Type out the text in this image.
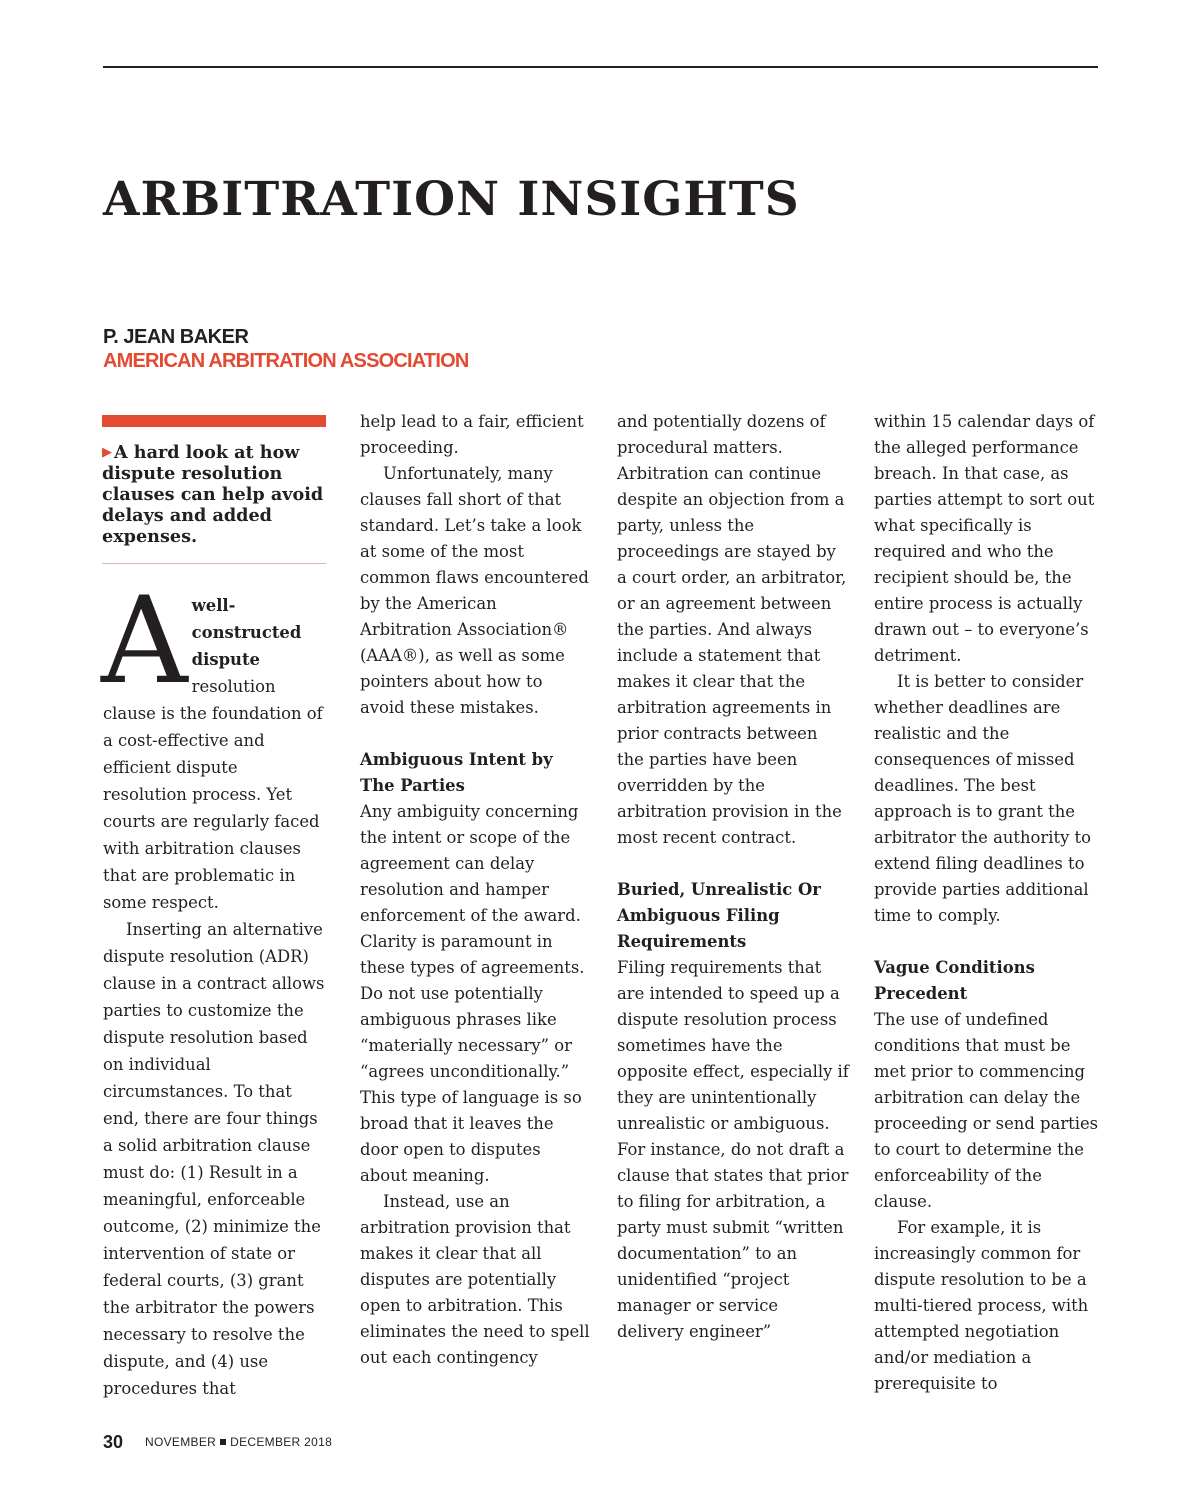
ARBITRATION INSIGHTS
P. JEAN BAKER
AMERICAN ARBITRATION ASSOCIATION
▶ A hard look at how dispute resolution clauses can help avoid delays and added expenses.

Awell-constructed dispute resolution clause is the foundation of a cost-effective and efficient dispute resolution process. Yet courts are regularly faced with arbitration clauses that are problematic in some respect.

Inserting an alternative dispute resolution (ADR) clause in a contract allows parties to customize the dispute resolution based on individual circumstances. To that end, there are four things a solid arbitration clause must do: (1) Result in a meaningful, enforceable outcome, (2) minimize the intervention of state or federal courts, (3) grant the arbitrator the powers necessary to resolve the dispute, and (4) use procedures that

help lead to a fair, efficient proceeding.

Unfortunately, many clauses fall short of that standard. Let’s take a look at some of the most common flaws encountered by the American Arbitration Association® (AAA®), as well as some pointers about how to avoid these mistakes.

Ambiguous Intent by The Parties

Any ambiguity concerning the intent or scope of the agreement can delay resolution and hamper enforcement of the award. Clarity is paramount in these types of agreements. Do not use potentially ambiguous phrases like “materially necessary” or “agrees unconditionally.” This type of language is so broad that it leaves the door open to disputes about meaning.

Instead, use an arbitration provision that makes it clear that all disputes are potentially open to arbitration. This eliminates the need to spell out each contingency

and potentially dozens of procedural matters. Arbitration can continue despite an objection from a party, unless the proceedings are stayed by a court order, an arbitrator, or an agreement between the parties. And always include a statement that makes it clear that the arbitration agreements in prior contracts between the parties have been overridden by the arbitration provision in the most recent contract.

Buried, Unrealistic Or Ambiguous Filing Requirements

Filing requirements that are intended to speed up a dispute resolution process sometimes have the opposite effect, especially if they are unintentionally unrealistic or ambiguous. For instance, do not draft a clause that states that prior to filing for arbitration, a party must submit “written documentation” to an unidentified “project manager or service delivery engineer”

within 15 calendar days of the alleged performance breach. In that case, as parties attempt to sort out what specifically is required and who the recipient should be, the entire process is actually drawn out – to everyone’s detriment.

It is better to consider whether deadlines are realistic and the consequences of missed deadlines. The best approach is to grant the arbitrator the authority to extend filing deadlines to provide parties additional time to comply.

Vague Conditions Precedent

The use of undefined conditions that must be met prior to commencing arbitration can delay the proceeding or send parties to court to determine the enforceability of the clause.

For example, it is increasingly common for dispute resolution to be a multi-tiered process, with attempted negotiation and/or mediation a prerequisite to

30 NOVEMBER DECEMBER 2018
